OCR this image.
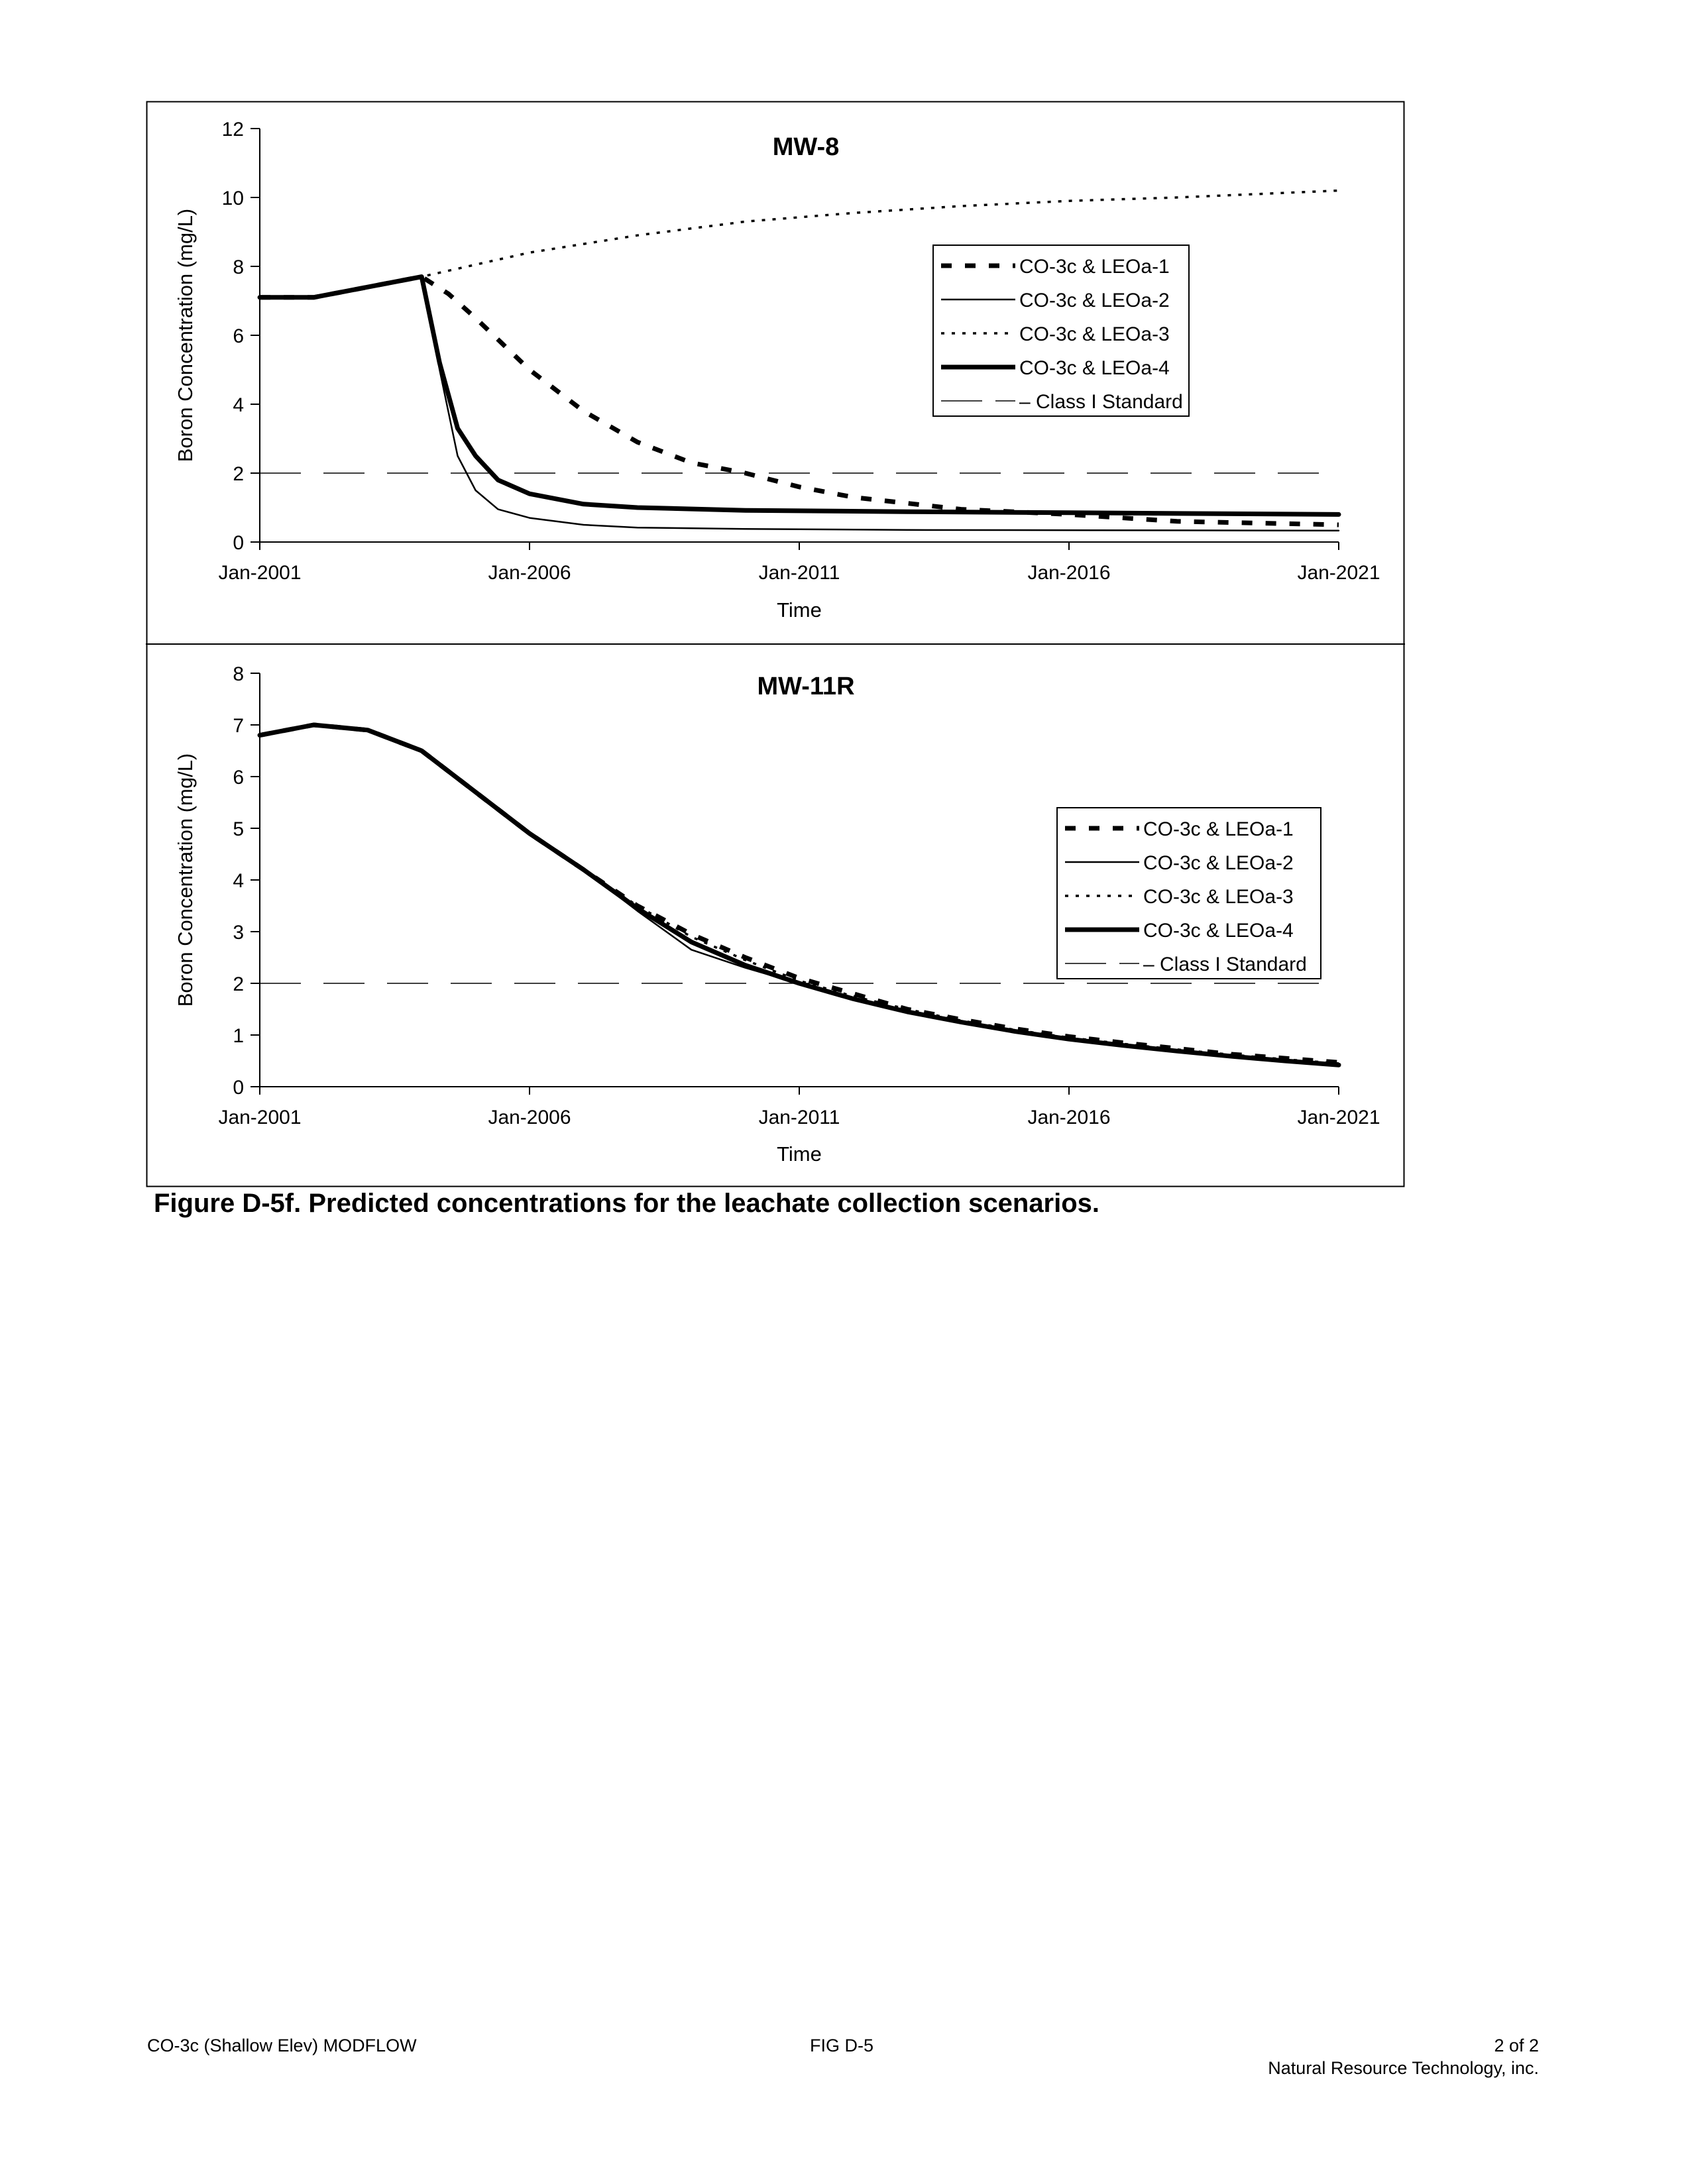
MW-8
0
2
4
6
8
10
12
Jan-2001	Jan-2006	Jan-2011	Jan-2016	Jan-2021
Time
Boron Concentration (mg/L)	CO-3c & LEOa-1
CO-3c & LEOa-2
CO-3c & LEOa-3
CO-3c & LEOa-4
– Class I Standard
MW-11R
0
1
2
3
4
5
6
7
8
Jan-2001	Jan-2006	Jan-2011	Jan-2016	Jan-2021
Time
Boron Concentration (mg/L)	CO-3c & LEOa-1
CO-3c & LEOa-2
CO-3c & LEOa-3
CO-3c & LEOa-4
– Class I Standard
Figure D-5f. Predicted concentrations for the leachate collection scenarios.
CO-3c (Shallow Elev) MODFLOW	FIG D-5	2 of 2
Natural Resource Technology, inc.
